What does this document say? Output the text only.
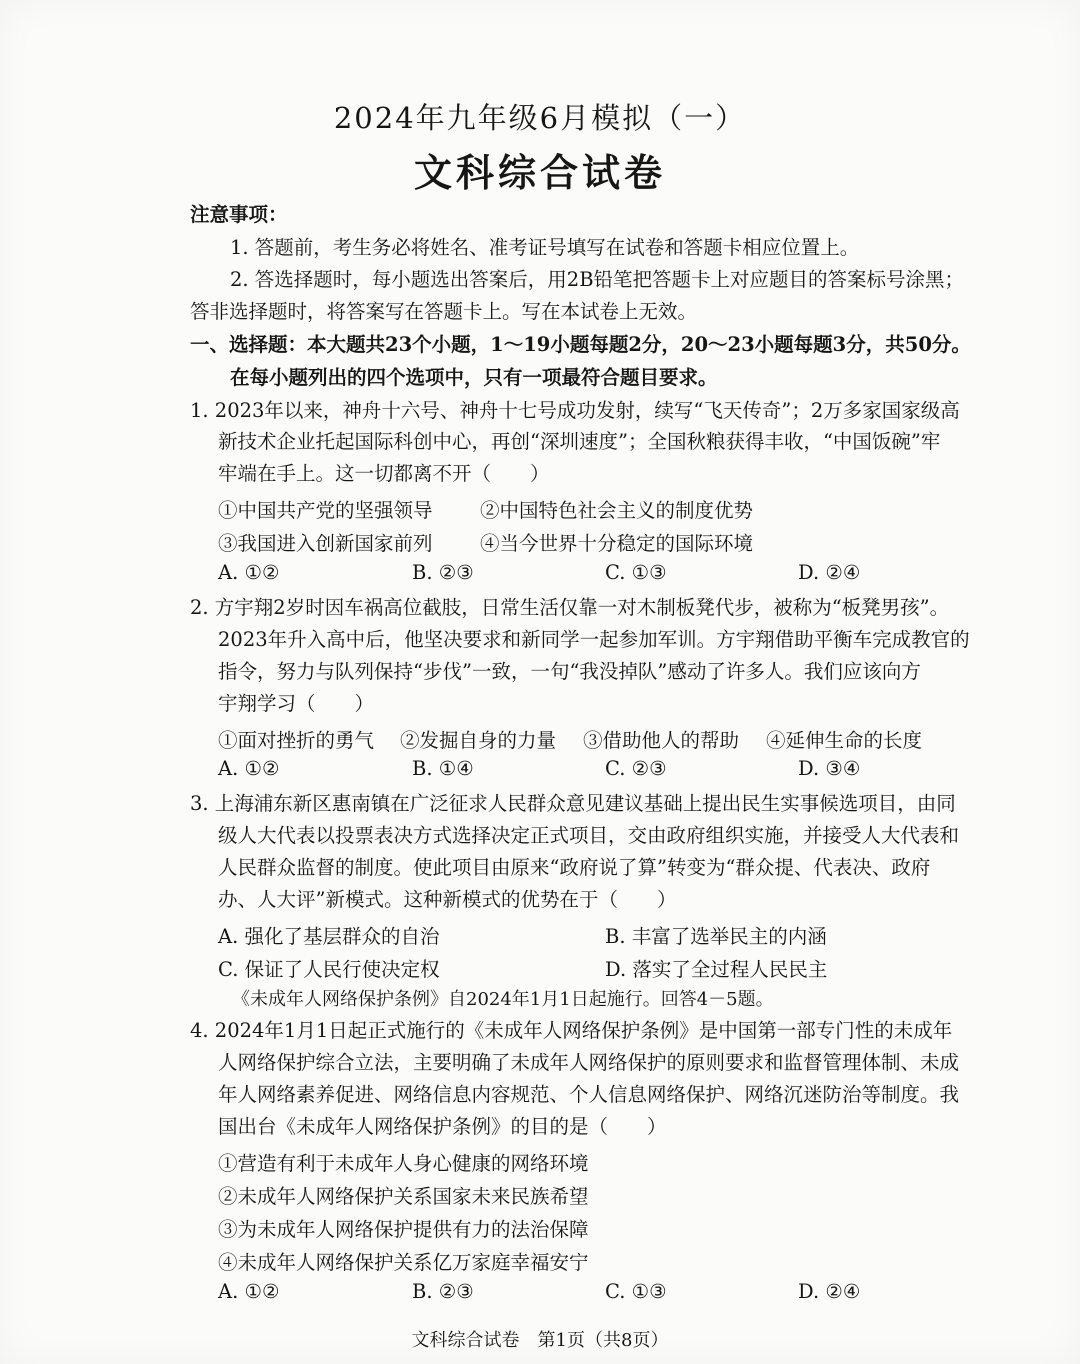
2024年九年级6月模拟（一）
文科综合试卷
注意事项：
1. 答题前，考生务必将姓名、准考证号填写在试卷和答题卡相应位置上。
2. 答选择题时，每小题选出答案后，用2B铅笔把答题卡上对应题目的答案标号涂黑；
答非选择题时，将答案写在答题卡上。写在本试卷上无效。
一、选择题：本大题共23个小题，1～19小题每题2分，20～23小题每题3分，共50分。
在每小题列出的四个选项中，只有一项最符合题目要求。
1. 2023年以来，神舟十六号、神舟十七号成功发射，续写“飞天传奇”；2万多家国家级高
新技术企业托起国际科创中心，再创“深圳速度”；全国秋粮获得丰收，“中国饭碗”牢
牢端在手上。这一切都离不开（　　）
①中国共产党的坚强领导 ②中国特色社会主义的制度优势
③我国进入创新国家前列 ④当今世界十分稳定的国际环境
A. ①②	B. ②③	C. ①③	D. ②④
2. 方宇翔2岁时因车祸高位截肢，日常生活仅靠一对木制板凳代步，被称为“板凳男孩”。
2023年升入高中后，他坚决要求和新同学一起参加军训。方宇翔借助平衡车完成教官的
指令，努力与队列保持“步伐”一致，一句“我没掉队”感动了许多人。我们应该向方
宇翔学习（　　）
①面对挫折的勇气 ②发掘自身的力量 ③借助他人的帮助 ④延伸生命的长度
A. ①②	B. ①④	C. ②③	D. ③④
3. 上海浦东新区惠南镇在广泛征求人民群众意见建议基础上提出民生实事候选项目，由同
级人大代表以投票表决方式选择决定正式项目，交由政府组织实施，并接受人大代表和
人民群众监督的制度。使此项目由原来“政府说了算”转变为“群众提、代表决、政府
办、人大评”新模式。这种新模式的优势在于（　　）
A. 强化了基层群众的自治	B. 丰富了选举民主的内涵
C. 保证了人民行使决定权	D. 落实了全过程人民民主
《未成年人网络保护条例》自2024年1月1日起施行。回答4－5题。
4. 2024年1月1日起正式施行的《未成年人网络保护条例》是中国第一部专门性的未成年
人网络保护综合立法，主要明确了未成年人网络保护的原则要求和监督管理体制、未成
年人网络素养促进、网络信息内容规范、个人信息网络保护、网络沉迷防治等制度。我
国出台《未成年人网络保护条例》的目的是（　　）
①营造有利于未成年人身心健康的网络环境
②未成年人网络保护关系国家未来民族希望
③为未成年人网络保护提供有力的法治保障
④未成年人网络保护关系亿万家庭幸福安宁
A. ①②	B. ②③	C. ①③	D. ②④
文科综合试卷　第1页（共8页）
